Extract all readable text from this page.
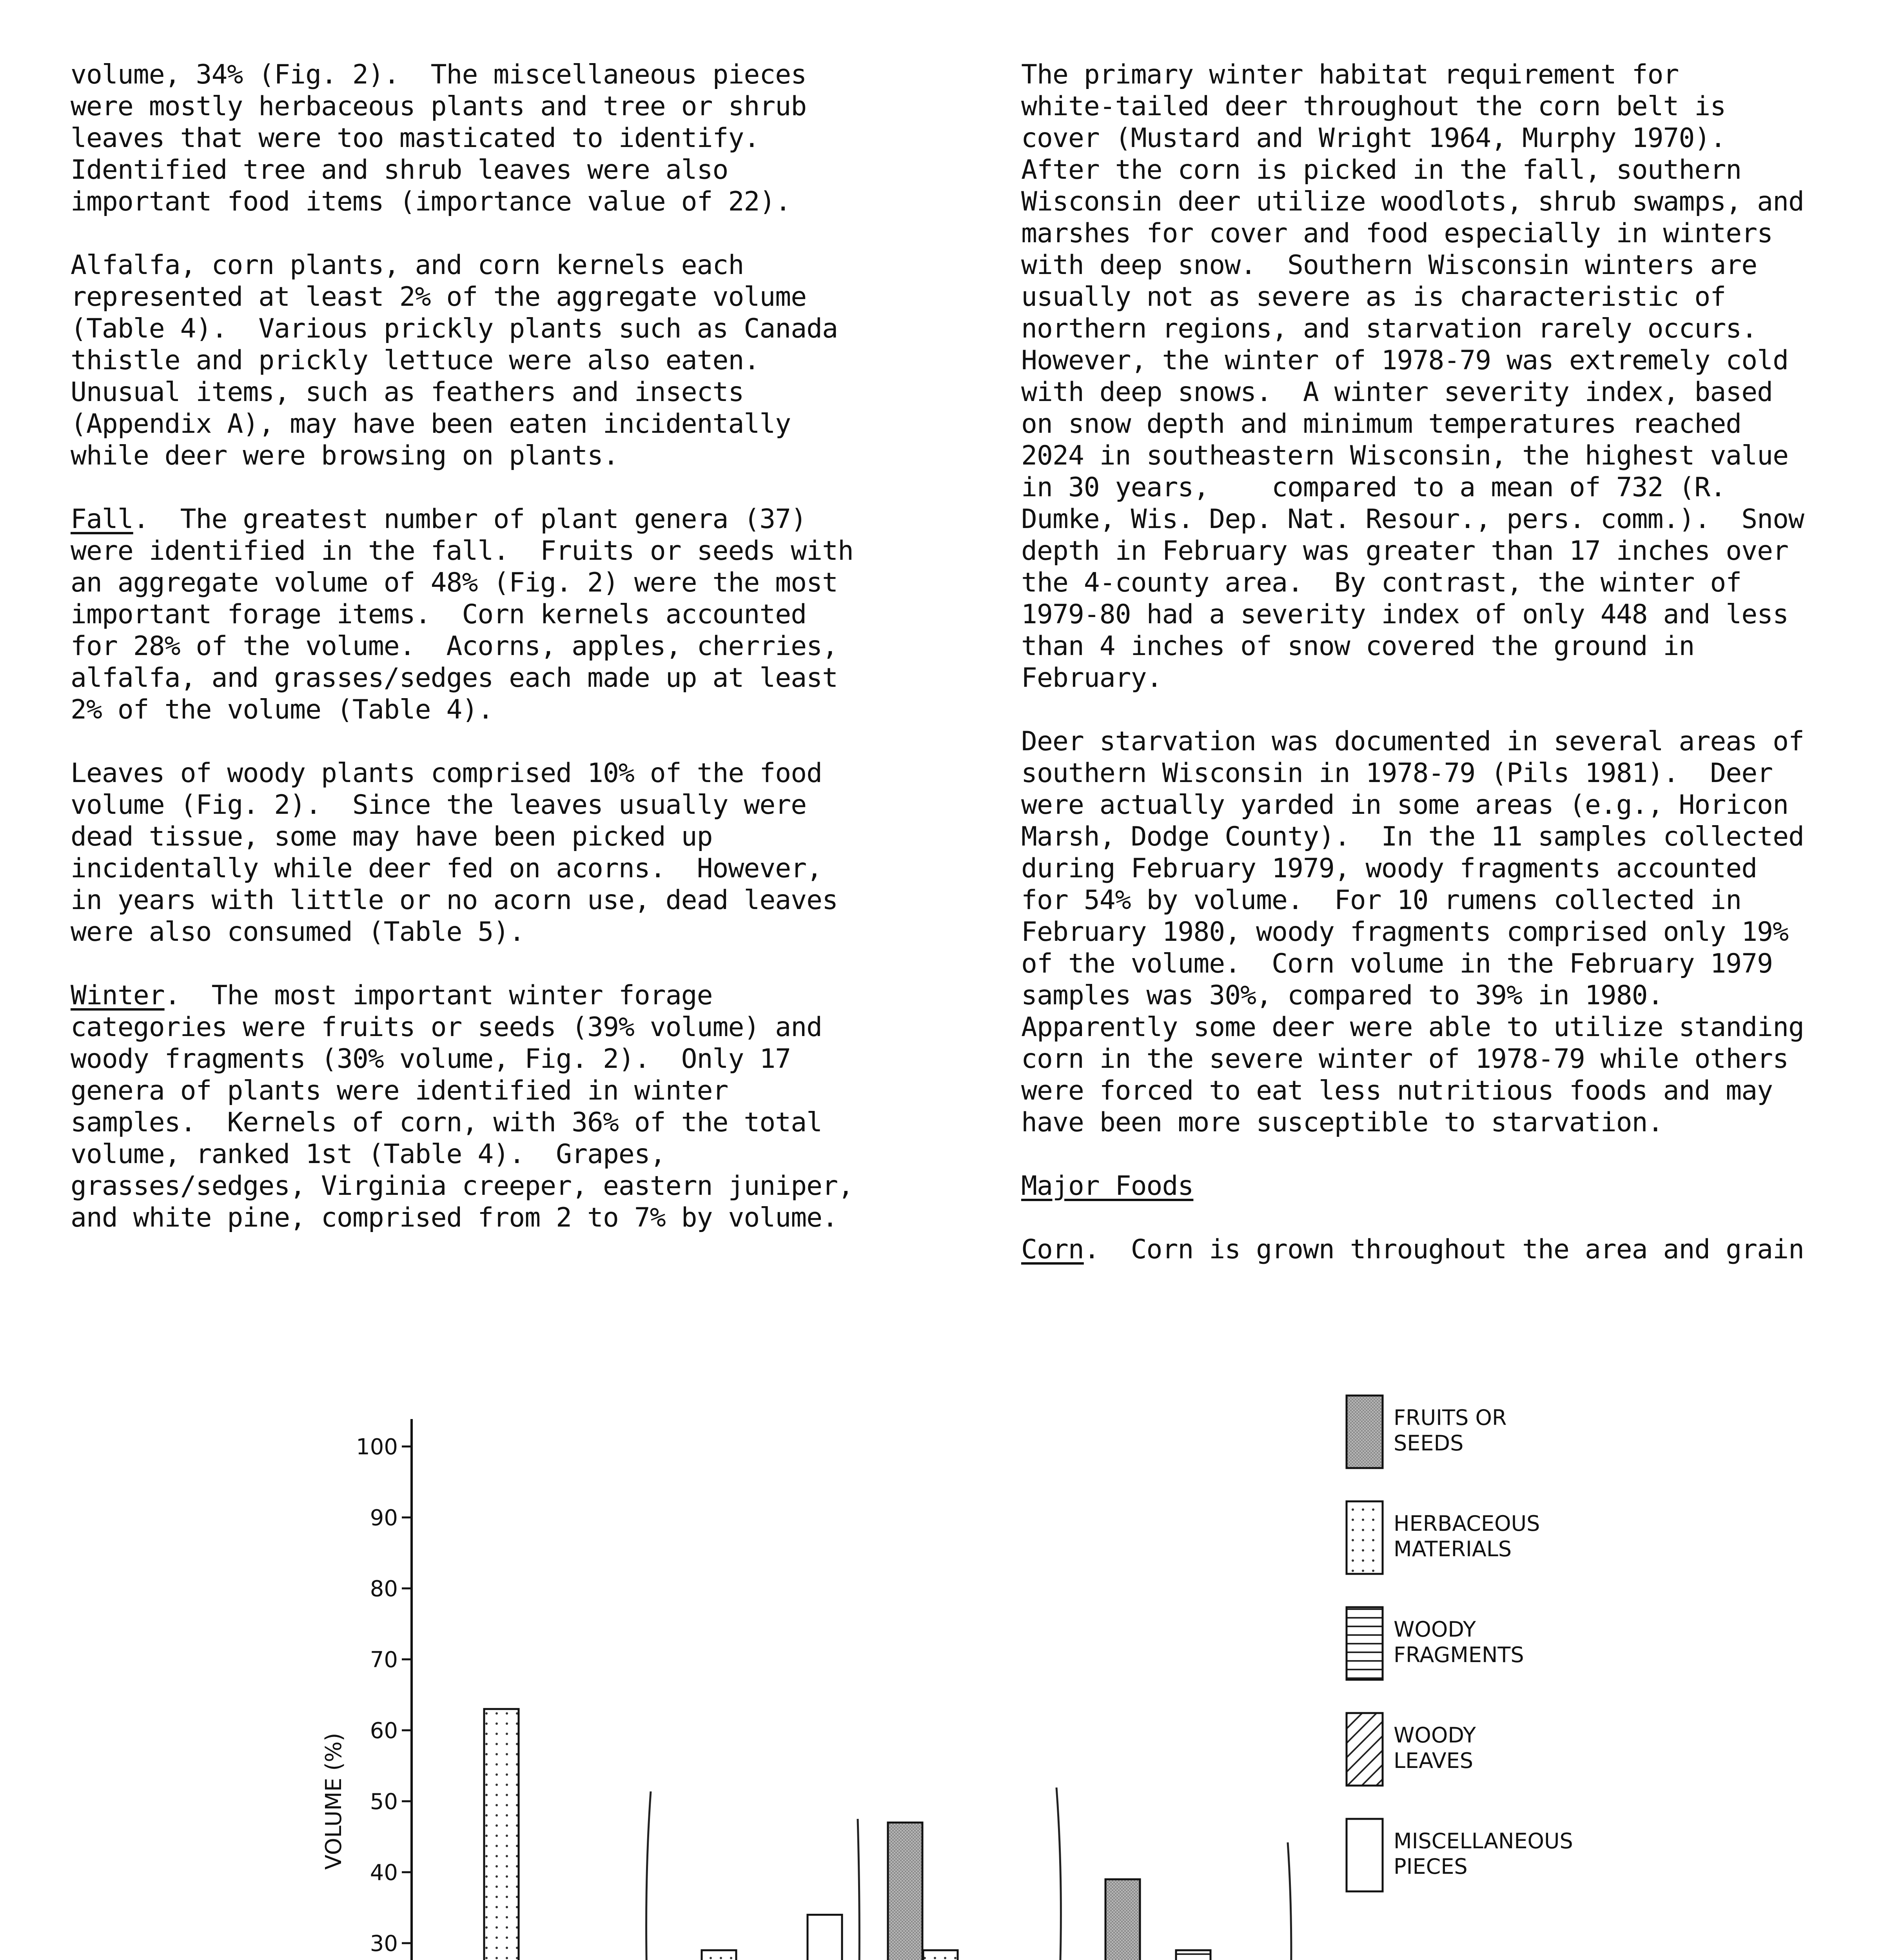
volume, 34% (Fig. 2).  The miscellaneous pieces
were mostly herbaceous plants and tree or shrub
leaves that were too masticated to identify.
Identified tree and shrub leaves were also
important food items (importance value of 22).
Alfalfa, corn plants, and corn kernels each
represented at least 2% of the aggregate volume
(Table 4).  Various prickly plants such as Canada
thistle and prickly lettuce were also eaten.
Unusual items, such as feathers and insects
(Appendix A), may have been eaten incidentally
while deer were browsing on plants.
Fall.  The greatest number of plant genera (37)
were identified in the fall.  Fruits or seeds with
an aggregate volume of 48% (Fig. 2) were the most
important forage items.  Corn kernels accounted
for 28% of the volume.  Acorns, apples, cherries,
alfalfa, and grasses/sedges each made up at least
2% of the volume (Table 4).
Leaves of woody plants comprised 10% of the food
volume (Fig. 2).  Since the leaves usually were
dead tissue, some may have been picked up
incidentally while deer fed on acorns.  However,
in years with little or no acorn use, dead leaves
were also consumed (Table 5).
Winter.  The most important winter forage
categories were fruits or seeds (39% volume) and
woody fragments (30% volume, Fig. 2).  Only 17
genera of plants were identified in winter
samples.  Kernels of corn, with 36% of the total
volume, ranked 1st (Table 4).  Grapes,
grasses/sedges, Virginia creeper, eastern juniper,
and white pine, comprised from 2 to 7% by volume.
The primary winter habitat requirement for
white-tailed deer throughout the corn belt is
cover (Mustard and Wright 1964, Murphy 1970).
After the corn is picked in the fall, southern
Wisconsin deer utilize woodlots, shrub swamps, and
marshes for cover and food especially in winters
with deep snow.  Southern Wisconsin winters are
usually not as severe as is characteristic of
northern regions, and starvation rarely occurs.
However, the winter of 1978-79 was extremely cold
with deep snows.  A winter severity index, based
on snow depth and minimum temperatures reached
2024 in southeastern Wisconsin, the highest value
in 30 years,    compared to a mean of 732 (R.
Dumke, Wis. Dep. Nat. Resour., pers. comm.).  Snow
depth in February was greater than 17 inches over
the 4-county area.  By contrast, the winter of
1979-80 had a severity index of only 448 and less
than 4 inches of snow covered the ground in
February.
Deer starvation was documented in several areas of
southern Wisconsin in 1978-79 (Pils 1981).  Deer
were actually yarded in some areas (e.g., Horicon
Marsh, Dodge County).  In the 11 samples collected
during February 1979, woody fragments accounted
for 54% by volume.  For 10 rumens collected in
February 1980, woody fragments comprised only 19%
of the volume.  Corn volume in the February 1979
samples was 30%, compared to 39% in 1980.
Apparently some deer were able to utilize standing
corn in the severe winter of 1978-79 while others
were forced to eat less nutritious foods and may
have been more susceptible to starvation.
Major Foods
Corn.  Corn is grown throughout the area and grain
30
40
50
60
70
80
90
100
VOLUME (%)
FRUITS OR
SEEDS
HERBACEOUS
MATERIALS
WOODY
FRAGMENTS
WOODY
LEAVES
MISCELLANEOUS
PIECES
